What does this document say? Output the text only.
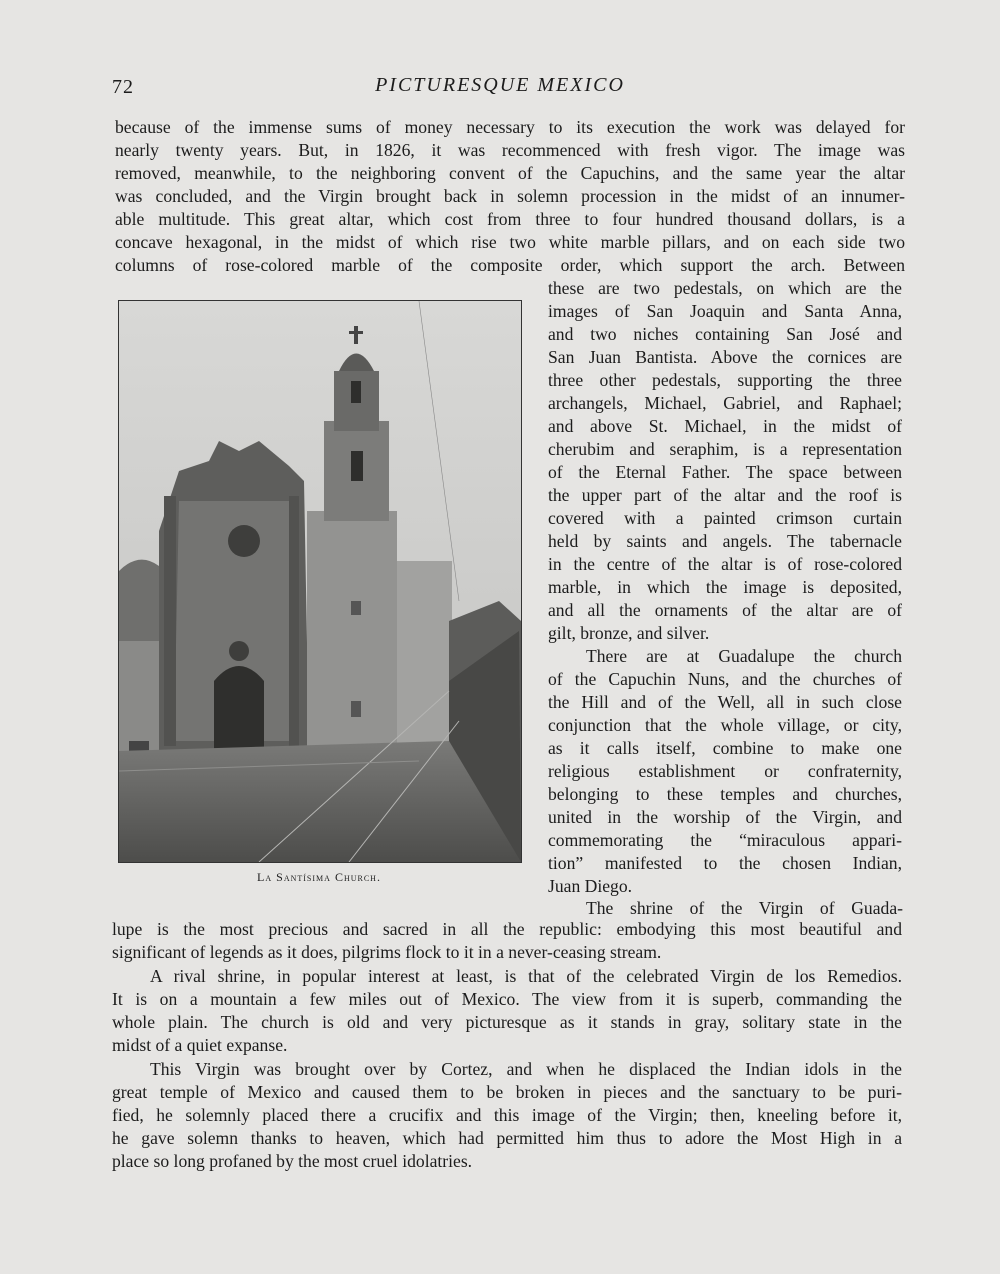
72	PICTURESQUE MEXICO
because of the immense sums of money necessary to its execution the work was delayed for
nearly twenty years. But, in 1826, it was recommenced with fresh vigor. The image was
removed, meanwhile, to the neighboring convent of the Capuchins, and the same year the altar
was concluded, and the Virgin brought back in solemn procession in the midst of an innumer-
able multitude. This great altar, which cost from three to four hundred thousand dollars, is a
concave hexagonal, in the midst of which rise two white marble pillars, and on each side two
columns of rose-colored marble of the composite order, which support the arch. Between
La Santísima Church.
these are two pedestals, on which are the
images of San Joaquin and Santa Anna,
and two niches containing San José and
San Juan Bantista. Above the cornices are
three other pedestals, supporting the three
archangels, Michael, Gabriel, and Raphael;
and above St. Michael, in the midst of
cherubim and seraphim, is a representation
of the Eternal Father. The space between
the upper part of the altar and the roof is
covered with a painted crimson curtain
held by saints and angels. The tabernacle
in the centre of the altar is of rose-colored
marble, in which the image is deposited,
and all the ornaments of the altar are of
gilt, bronze, and silver.
There are at Guadalupe the church
of the Capuchin Nuns, and the churches of
the Hill and of the Well, all in such close
conjunction that the whole village, or city,
as it calls itself, combine to make one
religious establishment or confraternity,
belonging to these temples and churches,
united in the worship of the Virgin, and
commemorating the “miraculous appari-
tion” manifested to the chosen Indian,
Juan Diego.
The shrine of the Virgin of Guada-
lupe is the most precious and sacred in all the republic: embodying this most beautiful and
significant of legends as it does, pilgrims flock to it in a never-ceasing stream.
A rival shrine, in popular interest at least, is that of the celebrated Virgin de los Remedios.
It is on a mountain a few miles out of Mexico. The view from it is superb, commanding the
whole plain. The church is old and very picturesque as it stands in gray, solitary state in the
midst of a quiet expanse.
This Virgin was brought over by Cortez, and when he displaced the Indian idols in the
great temple of Mexico and caused them to be broken in pieces and the sanctuary to be puri-
fied, he solemnly placed there a crucifix and this image of the Virgin; then, kneeling before it,
he gave solemn thanks to heaven, which had permitted him thus to adore the Most High in a
place so long profaned by the most cruel idolatries.
